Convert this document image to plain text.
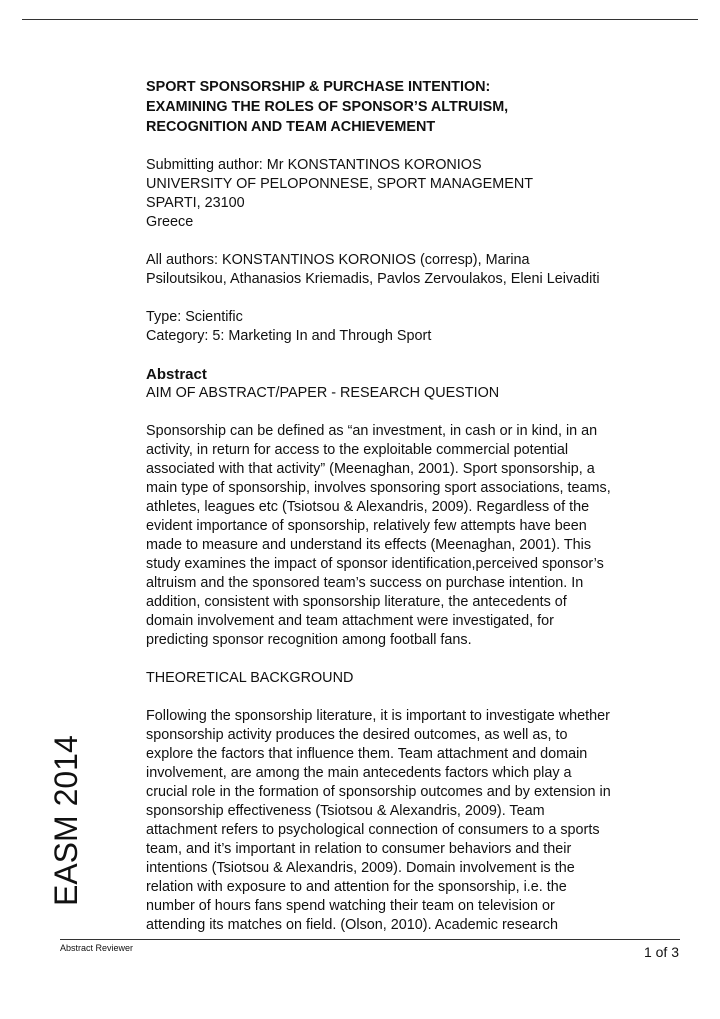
EASM 2014
SPORT SPONSORSHIP & PURCHASE INTENTION:
EXAMINING THE ROLES OF SPONSOR’S ALTRUISM,
RECOGNITION AND TEAM ACHIEVEMENT
Submitting author: Mr KONSTANTINOS KORONIOS
UNIVERSITY OF PELOPONNESE, SPORT MANAGEMENT
SPARTI, 23100
Greece
All authors: KONSTANTINOS KORONIOS (corresp), Marina
Psiloutsikou, Athanasios Kriemadis, Pavlos Zervoulakos, Eleni Leivaditi
Type: Scientific
Category: 5: Marketing In and Through Sport
Abstract
AIM OF ABSTRACT/PAPER - RESEARCH QUESTION
Sponsorship can be defined as “an investment, in cash or in kind, in an
activity, in return for access to the exploitable commercial potential
associated with that activity” (Meenaghan, 2001). Sport sponsorship, a
main type of sponsorship, involves sponsoring sport associations, teams,
athletes, leagues etc (Tsiotsou & Alexandris, 2009). Regardless of the
evident importance of sponsorship, relatively few attempts have been
made to measure and understand its effects (Meenaghan, 2001). This
study examines the impact of sponsor identification,perceived sponsor’s
altruism and the sponsored team’s success on purchase intention. In
addition, consistent with sponsorship literature, the antecedents of
domain involvement and team attachment were investigated, for
predicting sponsor recognition among football fans.
THEORETICAL BACKGROUND
Following the sponsorship literature, it is important to investigate whether
sponsorship activity produces the desired outcomes, as well as, to
explore the factors that influence them. Team attachment and domain
involvement, are among the main antecedents factors which play a
crucial role in the formation of sponsorship outcomes and by extension in
sponsorship effectiveness (Tsiotsou & Alexandris, 2009). Team
attachment refers to psychological connection of consumers to a sports
team, and it’s important in relation to consumer behaviors and their
intentions (Tsiotsou & Alexandris, 2009). Domain involvement is the
relation with exposure to and attention for the sponsorship, i.e. the
number of hours fans spend watching their team on television or
attending its matches on field. (Olson, 2010). Academic research
Abstract Reviewer	1 of 3
